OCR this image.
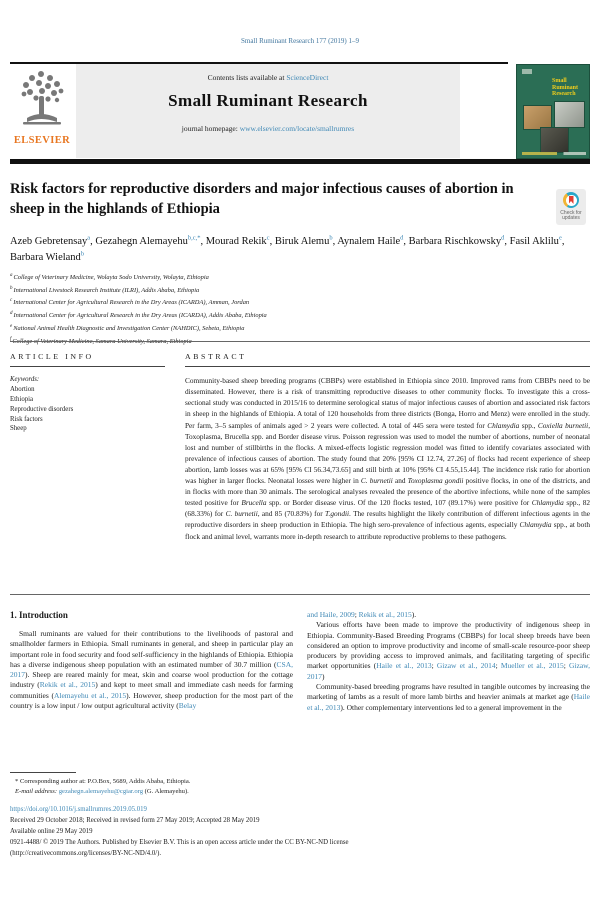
Small Ruminant Research 177 (2019) 1–9
ELSEVIER
Contents lists available at ScienceDirect
Small Ruminant Research
journal homepage: www.elsevier.com/locate/smallrumres
Small Ruminant Research
Risk factors for reproductive disorders and major infectious causes of abortion in sheep in the highlands of Ethiopia	Check for updates
Azeb Gebretensay$^a$, Gezahegn Alemayehu$^{b,c,*}$, Mourad Rekik$^c$, Biruk Alemu$^b$, Aynalem Haile$^d$, Barbara Rischkowsky$^d$, Fasil Aklilu$^e$, Barbara Wieland$^b$
$^a$College of Veterinary Medicine, Wolayta Sodo University, Wolayta, Ethiopia
$^b$International Livestock Research Institute (ILRI), Addis Ababa, Ethiopia
$^c$International Center for Agricultural Research in the Dry Areas (ICARDA), Amman, Jordan
$^d$International Center for Agricultural Research in the Dry Areas (ICARDA), Addis Ababa, Ethiopia
$^e$National Animal Health Diagnostic and Investigation Center (NAHDIC), Sebeta, Ethiopia
$^f$
ARTICLE INFO
Keywords:
Abortion
Ethiopia
Reproductive disorders
Risk factors
Sheep
ABSTRACT
Community-based sheep breeding programs (CBBPs) were established in Ethiopia since 2010. Improved rams from CBBPs need to be disseminated. However, there is a risk of transmitting reproductive diseases to other community flocks. To investigate this a cross-sectional study was conducted in 2015/16 to determine serological status of major infectious causes of abortion and associated risk factors in sheep in the highlands of Ethiopia. A total of 120 households from three districts (Bonga, Horro and Menz) were enrolled in the study. Per farm, 3–5 samples of animals aged > 2 years were collected. A total of 445 sera were tested for Chlamydia spp., Coxiella burnetii, Toxoplasma, Brucella spp. and Border disease virus. Poisson regression was used to model the number of abortions, number of neonatal lost and number of stillbirths in the flocks. A mixed-effects logistic regression model was fitted to identify covariates associated with prevalence of infectious causes of abortion. The study found that 20% [95% CI 12.74, 27.26] of flocks had recent experience of sheep abortion, lamb losses was at 65% [95% CI 56.34,73.65] and still birth at 10% [95% CI 4.55,15.44]. The incidence risk ratio for abortion was higher in larger flocks. Neonatal losses were higher in C. burnetii and Toxoplasma gondii positive flocks, in one of the districts, and in flocks with more than 30 animals. The serological analyses revealed the presence of the abortive infections, while none of the samples tested positive for Brucella spp. or Border disease virus. Of the 120 flocks tested, 107 (89.17%) were positive for Chlamydia spp., 82 (68.33%) for C. burnetii, and 85 (70.83%) for T.gondii. The results highlight the likely contribution of different infectious agents in the reproductive disorders in sheep production in Ethiopia. The high sero-prevalence of infectious agents, especially Chlamydia spp., at both flock and animal level, warrants more in-depth research to attribute reproductive problems to these pathogens.
1. Introduction

Small ruminants are valued for their contributions to the livelihoods of pastoral and smallholder farmers in Ethiopia. Small ruminants in general, and sheep in particular play an important role in food security and food self-sufficiency in the highlands of Ethiopia. Ethiopia has a diverse indigenous sheep population with an estimated number of 30.7 million (CSA, 2017). Sheep are reared mainly for meat, skin and coarse wool production for the cottage industry (Rekik et al., 2015) and kept to meet small and immediate cash needs for farming communities (Alemayehu et al., 2015). However, sheep production for the most part of the country is a low input / low output agricultural activity (Belay

and Haile, 2009; Rekik et al., 2015).

Various efforts have been made to improve the productivity of indigenous sheep in Ethiopia. Community-Based Breeding Programs (CBBPs) for local sheep breeds have been considered an option to improve productivity and income of small-scale resource-poor sheep producers by providing access to improved animals, and facilitating targeting of specific market opportunities (Haile et al., 2013; Gizaw et al., 2014; Mueller et al., 2015; Gizaw, 2017)

Community-based breeding programs have resulted in tangible outcomes by increasing the marketing of lambs as a result of more lamb births and heavier animals at market age (Haile et al., 2013). Other complementary interventions led to a general improvement in the

* Corresponding author at: P.O.Box, 5689, Addis Ababa, Ethiopia.
E-mail address: gezahegn.alemayehu@cgiar.org (G. Alemayehu).
https://doi.org/10.1016/j.smallrumres.2019.05.019
Received 29 October 2018; Received in revised form 27 May 2019; Accepted 28 May 2019
Available online 29 May 2019
0921-4488/ © 2019 The Authors. Published by Elsevier B.V. This is an open access article under the CC BY-NC-ND license
(http://creativecommons.org/licenses/BY-NC-ND/4.0/).
